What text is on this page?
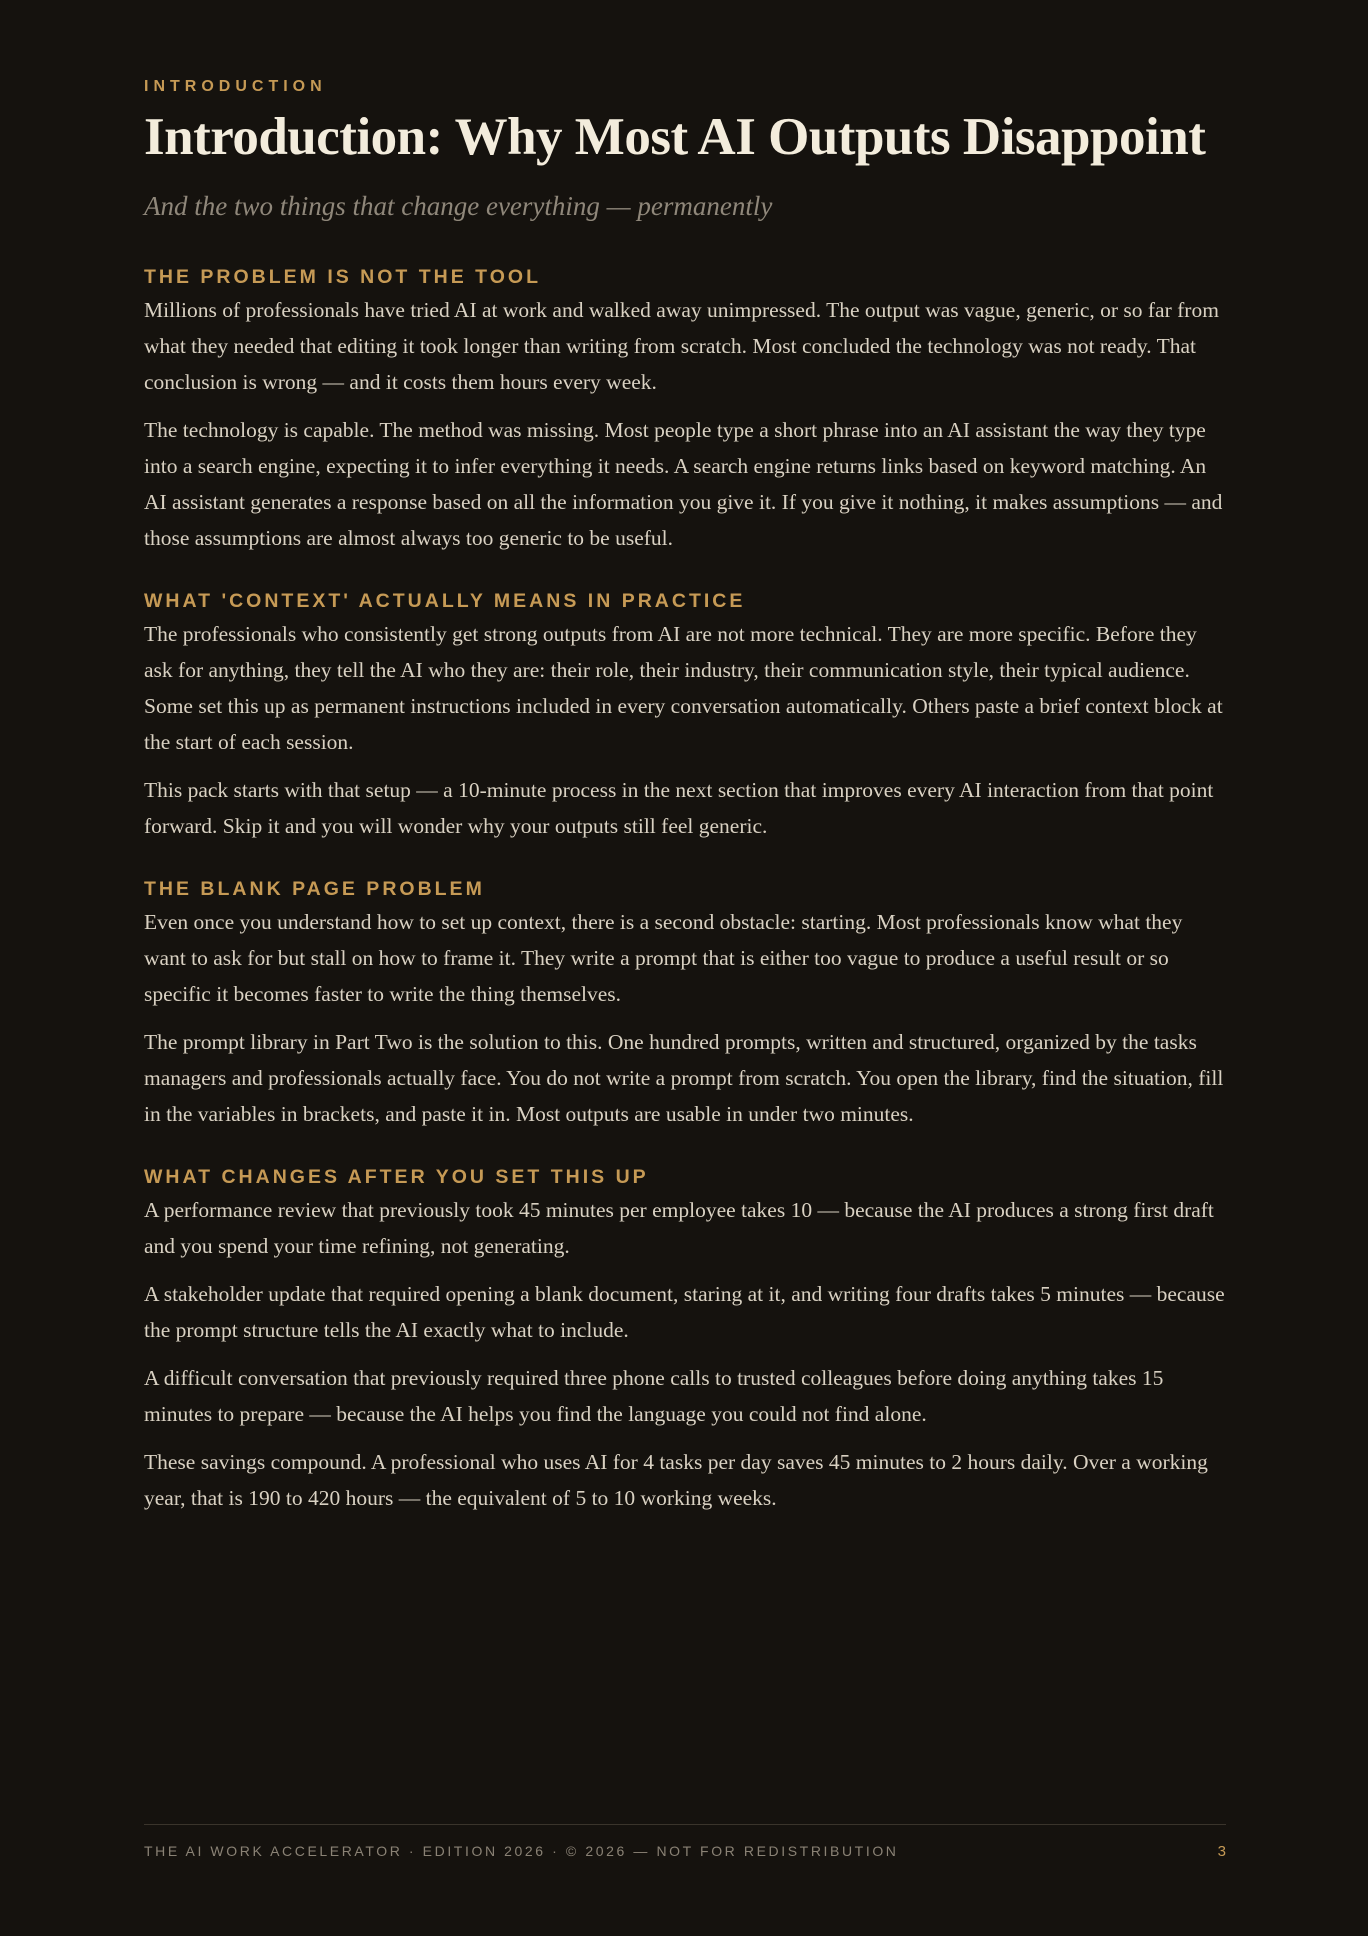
INTRODUCTION
Introduction: Why Most AI Outputs Disappoint
And the two things that change everything — permanently
THE PROBLEM IS NOT THE TOOL

Millions of professionals have tried AI at work and walked away unimpressed. The output was vague, generic, or so far from what they needed that editing it took longer than writing from scratch. Most concluded the technology was not ready. That conclusion is wrong — and it costs them hours every week.

The technology is capable. The method was missing. Most people type a short phrase into an AI assistant the way they type into a search engine, expecting it to infer everything it needs. A search engine returns links based on keyword matching. An AI assistant generates a response based on all the information you give it. If you give it nothing, it makes assumptions — and those assumptions are almost always too generic to be useful.

WHAT 'CONTEXT' ACTUALLY MEANS IN PRACTICE

The professionals who consistently get strong outputs from AI are not more technical. They are more specific. Before they ask for anything, they tell the AI who they are: their role, their industry, their communication style, their typical audience. Some set this up as permanent instructions included in every conversation automatically. Others paste a brief context block at the start of each session.

This pack starts with that setup — a 10-minute process in the next section that improves every AI interaction from that point forward. Skip it and you will wonder why your outputs still feel generic.

THE BLANK PAGE PROBLEM

Even once you understand how to set up context, there is a second obstacle: starting. Most professionals know what they want to ask for but stall on how to frame it. They write a prompt that is either too vague to produce a useful result or so specific it becomes faster to write the thing themselves.

The prompt library in Part Two is the solution to this. One hundred prompts, written and structured, organized by the tasks managers and professionals actually face. You do not write a prompt from scratch. You open the library, find the situation, fill in the variables in brackets, and paste it in. Most outputs are usable in under two minutes.

WHAT CHANGES AFTER YOU SET THIS UP

A performance review that previously took 45 minutes per employee takes 10 — because the AI produces a strong first draft and you spend your time refining, not generating.

A stakeholder update that required opening a blank document, staring at it, and writing four drafts takes 5 minutes — because the prompt structure tells the AI exactly what to include.

A difficult conversation that previously required three phone calls to trusted colleagues before doing anything takes 15 minutes to prepare — because the AI helps you find the language you could not find alone.

These savings compound. A professional who uses AI for 4 tasks per day saves 45 minutes to 2 hours daily. Over a working year, that is 190 to 420 hours — the equivalent of 5 to 10 working weeks.

THE AI WORK ACCELERATOR · EDITION 2026 · © 2026 — NOT FOR REDISTRIBUTION	3
